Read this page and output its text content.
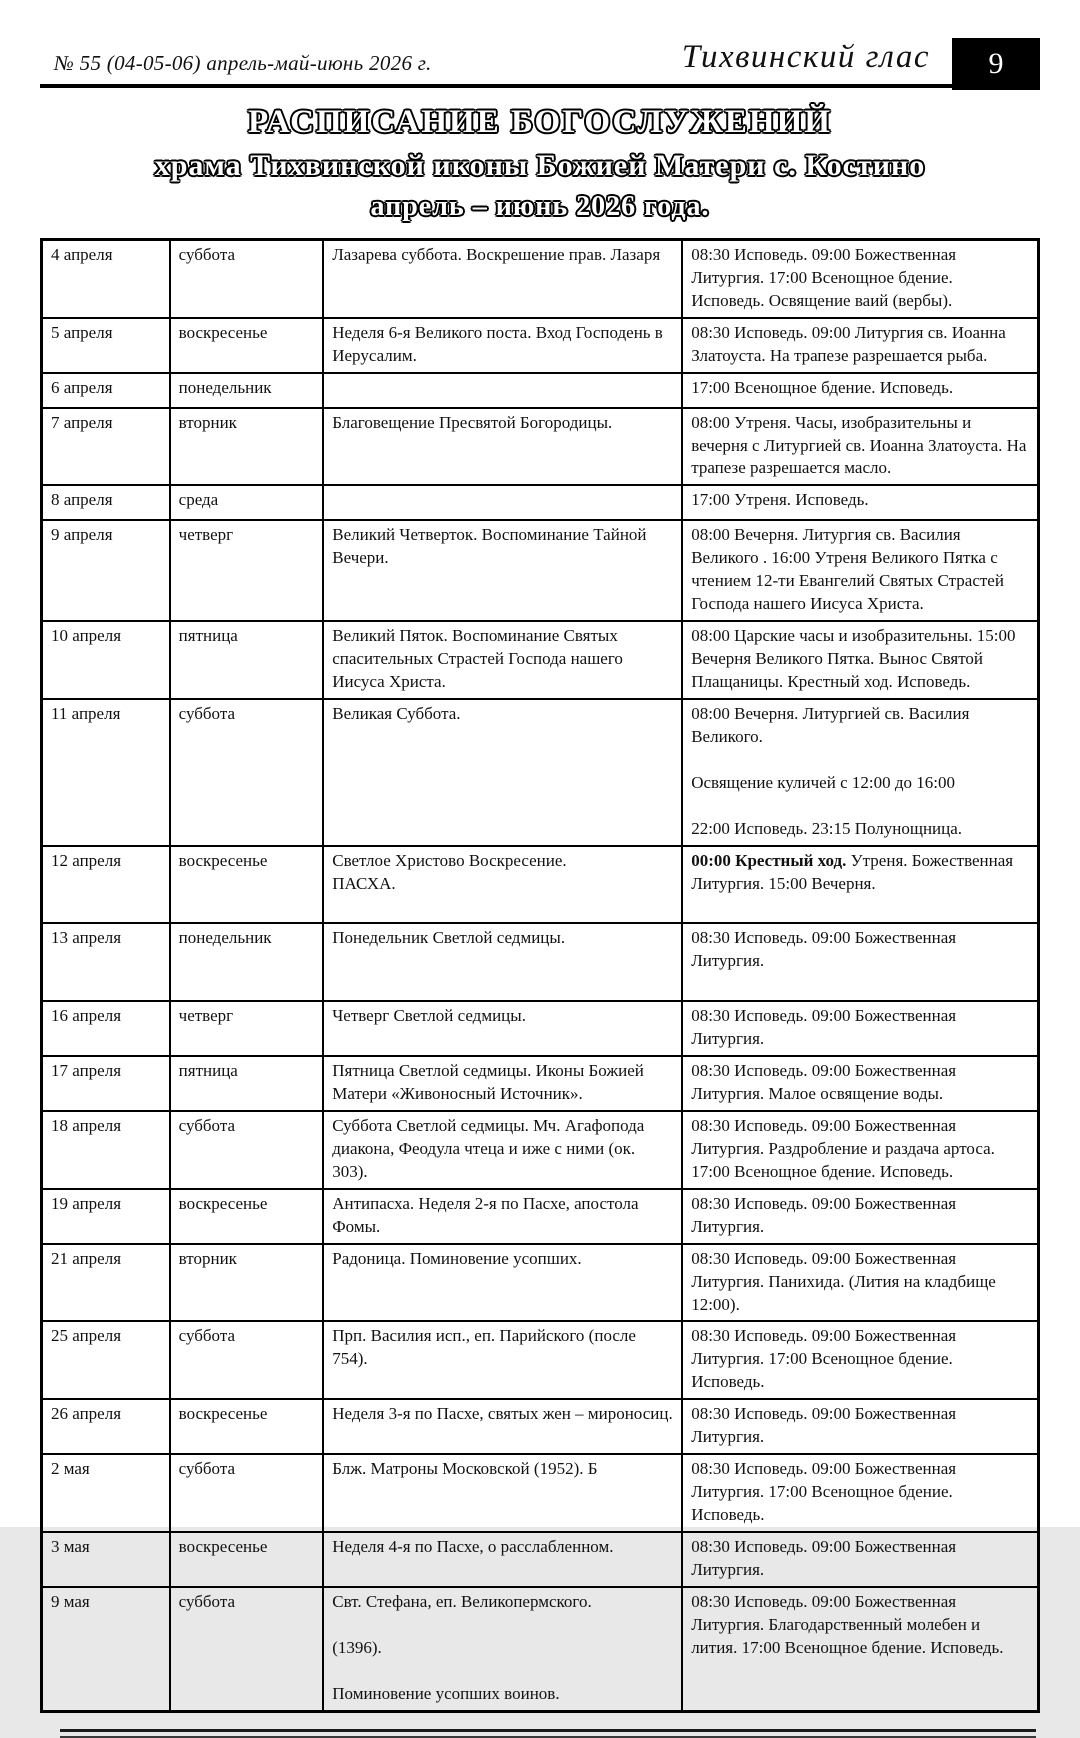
№ 55 (04-05-06) апрель-май-июнь 2026 г.	Тихвинский глас 9
РАСПИСАНИЕ БОГОСЛУЖЕНИЙ
храма Тихвинской иконы Божией Матери с. Костино
апрель – июнь 2026 года.
4 апреля	суббота	Лазарева суббота. Воскрешение прав. Лазаря	08:30 Исповедь. 09:00 Божественная Литургия. 17:00 Всенощное бдение. Исповедь. Освящение ваий (вербы).

5 апреля	воскресенье	Неделя 6-я Великого поста. Вход Господень в Иерусалим.	08:30 Исповедь. 09:00 Литургия св. Иоанна Златоуста. На трапезе разрешается рыба.

6 апреля	понедельник		17:00 Всенощное бдение. Исповедь.

7 апреля	вторник	Благовещение Пресвятой Богородицы.	08:00 Утреня. Часы, изобразительны и вечерня с Литургией св. Иоанна Златоуста. На трапезе разрешается масло.

8 апреля	среда		17:00 Утреня. Исповедь.

9 апреля	четверг	Великий Четверток. Воспоминание Тайной Вечери.	08:00 Вечерня. Литургия св. Василия Великого . 16:00 Утреня Великого Пятка с чтением 12-ти Евангелий Святых Страстей Господа нашего Иисуса Христа.

10 апреля	пятница	Великий Пяток. Воспоминание Святых спасительных Страстей Господа нашего Иисуса Христа.	08:00 Царские часы и изобразительны. 15:00 Вечерня Великого Пятка. Вынос Святой Плащаницы. Крестный ход. Исповедь.

11 апреля	суббота	Великая Суббота.	08:00 Вечерня. Литургией св. Василия Великого.

Освящение куличей с 12:00 до 16:00

22:00 Исповедь. 23:15 Полунощница.

12 апреля	воскресенье	Светлое Христово Воскресение.
ПАСХА.	00:00 Крестный ход. Утреня. Божественная Литургия. 15:00 Вечерня.

13 апреля	понедельник	Понедельник Светлой седмицы.	08:30 Исповедь. 09:00 Божественная Литургия.

16 апреля	четверг	Четверг Светлой седмицы.	08:30 Исповедь. 09:00 Божественная Литургия.

17 апреля	пятница	Пятница Светлой седмицы. Иконы Божией Матери «Живоносный Источник».	08:30 Исповедь. 09:00 Божественная Литургия. Малое освящение воды.

18 апреля	суббота	Суббота Светлой седмицы. Мч. Агафопода диакона, Феодула чтеца и иже с ними (ок. 303).	08:30 Исповедь. 09:00 Божественная Литургия. Раздробление и раздача артоса. 17:00 Всенощное бдение. Исповедь.

19 апреля	воскресенье	Антипасха. Неделя 2-я по Пасхе, апостола Фомы.	08:30 Исповедь. 09:00 Божественная Литургия.

21 апреля	вторник	Радоница. Поминовение усопших.	08:30 Исповедь. 09:00 Божественная Литургия. Панихида. (Лития на кладбище 12:00).

25 апреля	суббота	Прп. Василия исп., еп. Парийского (после 754).	08:30 Исповедь. 09:00 Божественная Литургия. 17:00 Всенощное бдение. Исповедь.

26 апреля	воскресенье	Неделя 3-я по Пасхе, святых жен – мироносиц.	08:30 Исповедь. 09:00 Божественная Литургия.

2 мая	суббота	Блж. Матроны Московской (1952). Б	08:30 Исповедь. 09:00 Божественная Литургия. 17:00 Всенощное бдение. Исповедь.

3 мая	воскресенье	Неделя 4-я по Пасхе, о расслабленном.	08:30 Исповедь. 09:00 Божественная Литургия.

9 мая	суббота	Свт. Стефана, еп. Великопермского.

(1396).

Поминовение усопших воинов.	08:30 Исповедь. 09:00 Божественная Литургия. Благодарственный молебен и лития. 17:00 Всенощное бдение. Исповедь.
